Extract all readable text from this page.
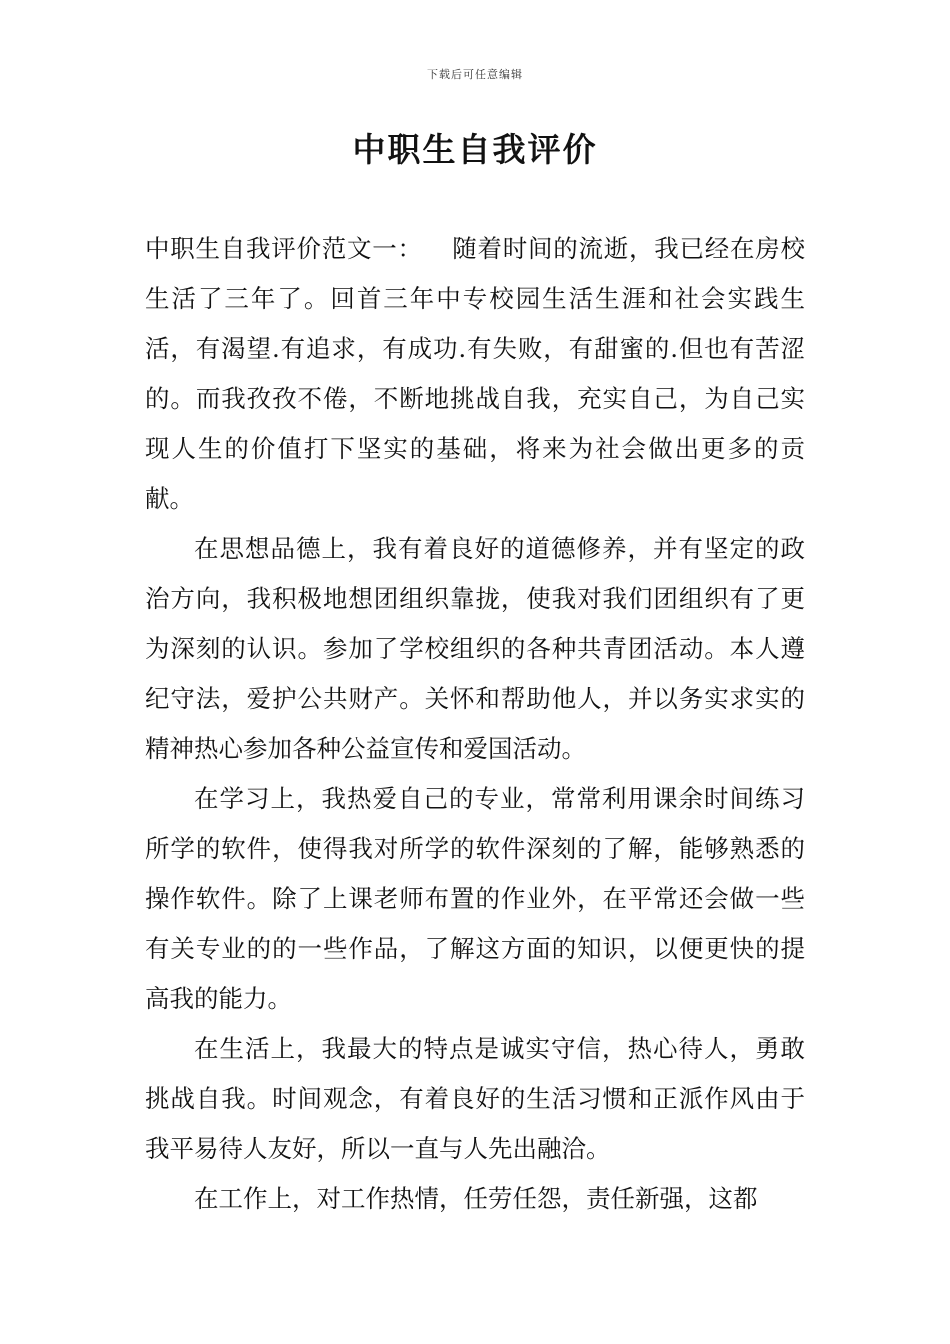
下载后可任意编辑
中职生自我评价

中职生自我评价范文一： 随着时间的流逝，我已经在房校生活了三年了。回首三年中专校园生活生涯和社会实践生活，有渴望.有追求，有成功.有失败，有甜蜜的.但也有苦涩的。而我孜孜不倦，不断地挑战自我，充实自己，为自己实现人生的价值打下坚实的基础，将来为社会做出更多的贡献。

在思想品德上，我有着良好的道德修养，并有坚定的政治方向，我积极地想团组织靠拢，使我对我们团组织有了更为深刻的认识。参加了学校组织的各种共青团活动。本人遵纪守法，爱护公共财产。关怀和帮助他人，并以务实求实的精神热心参加各种公益宣传和爱国活动。

在学习上，我热爱自己的专业，常常利用课余时间练习所学的软件，使得我对所学的软件深刻的了解，能够熟悉的操作软件。除了上课老师布置的作业外，在平常还会做一些有关专业的的一些作品，了解这方面的知识，以便更快的提高我的能力。

在生活上，我最大的特点是诚实守信，热心待人，勇敢挑战自我。时间观念，有着良好的生活习惯和正派作风由于我平易待人友好，所以一直与人先出融洽。

在工作上，对工作热情，任劳任怨，责任新强，这都
